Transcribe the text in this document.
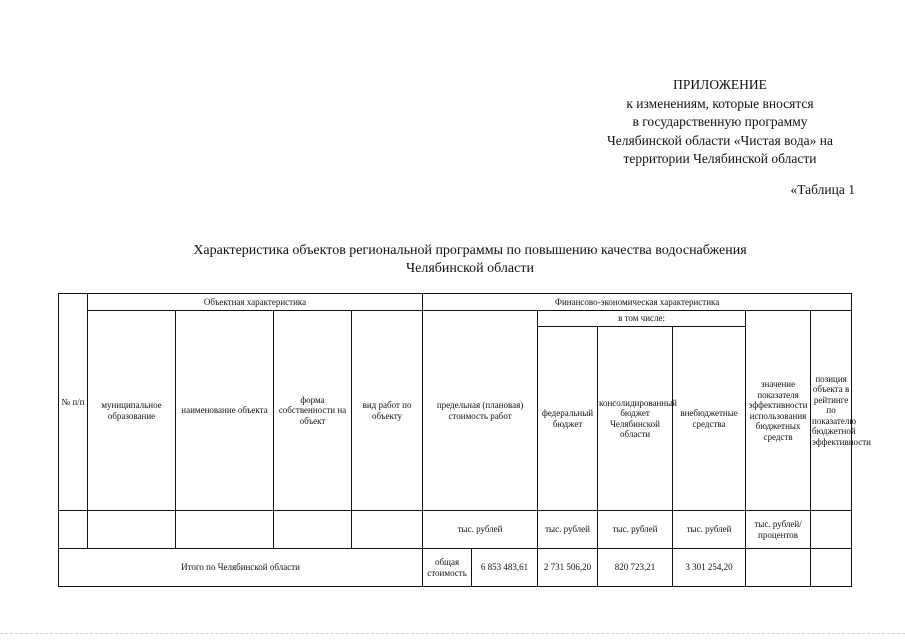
ПРИЛОЖЕНИЕ
к изменениям, которые вносятся
в государственную программу
Челябинской области «Чистая вода» на
территории Челябинской области
«Таблица 1
Характеристика объектов региональной программы по повышению качества водоснабжения
Челябинской области
№ п/п	Объектная характеристика				Финансово-экономическая характеристика						
	муниципальное образование	наименование объекта	форма собственности на объект	вид работ по объекту	предельная (плановая) стоимость работ		в том числе:			значение показателя эффективности использования бюджетных средств	позиция объекта в рейтинге по показателю бюджетной эффективности
							федеральный бюджет	консолидированный бюджет Челябинской области	внебюджетные средства		
					тыс. рублей		тыс. рублей	тыс. рублей	тыс. рублей	тыс. рублей/ процентов	
Итого по Челябинской области					общая стоимость	6 853 483,61	2 731 506,20	820 723,21	3 301 254,20		
